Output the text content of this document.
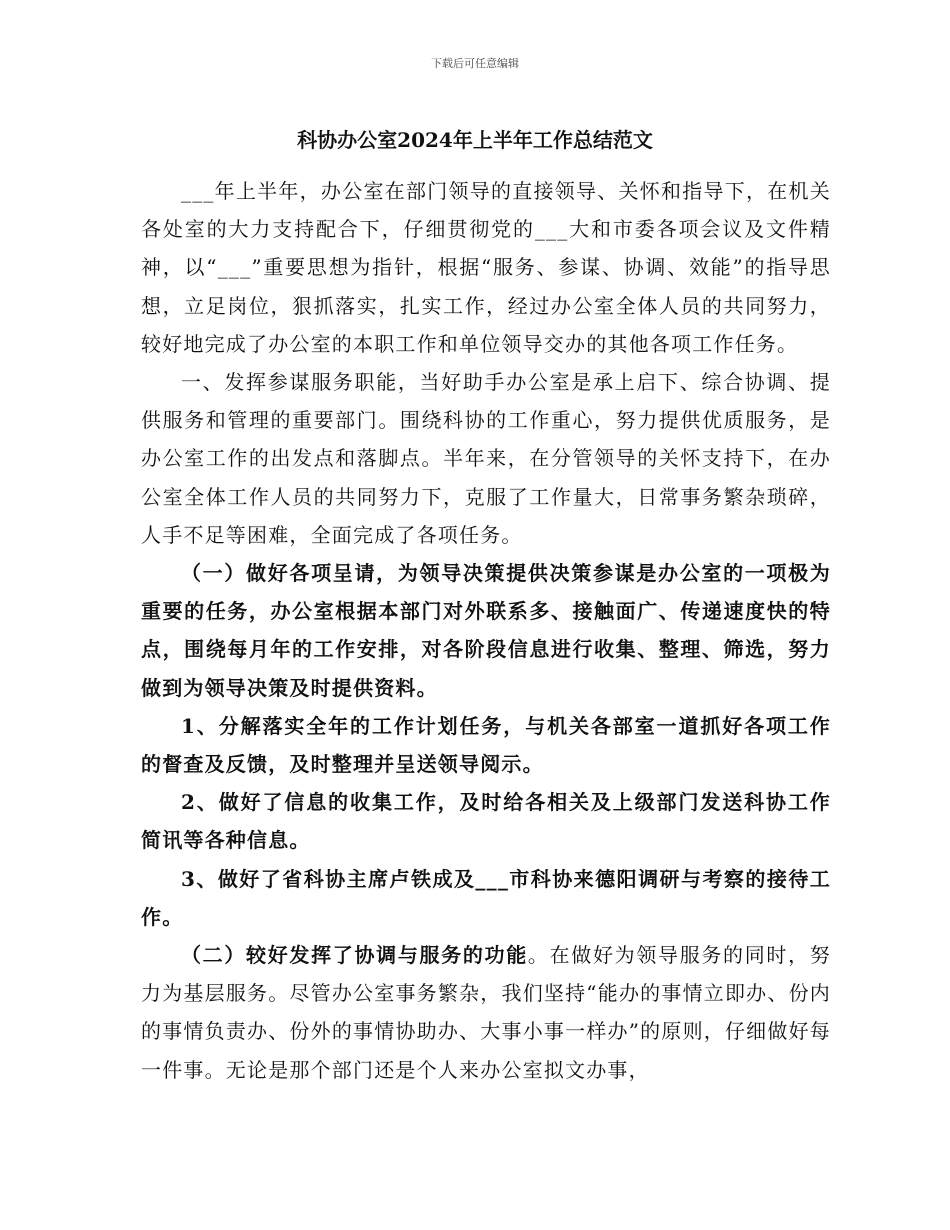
下载后可任意编辑
科协办公室2024年上半年工作总结范文

___年上半年，办公室在部门领导的直接领导、关怀和指导下，在机关各处室的大力支持配合下，仔细贯彻党的___大和市委各项会议及文件精神，以“___”重要思想为指针，根据“服务、参谋、协调、效能”的指导思想，立足岗位，狠抓落实，扎实工作，经过办公室全体人员的共同努力，较好地完成了办公室的本职工作和单位领导交办的其他各项工作任务。

一、发挥参谋服务职能，当好助手办公室是承上启下、综合协调、提供服务和管理的重要部门。围绕科协的工作重心，努力提供优质服务，是办公室工作的出发点和落脚点。半年来，在分管领导的关怀支持下，在办公室全体工作人员的共同努力下，克服了工作量大，日常事务繁杂琐碎，人手不足等困难，全面完成了各项任务。

（一）做好各项呈请，为领导决策提供决策参谋是办公室的一项极为重要的任务，办公室根据本部门对外联系多、接触面广、传递速度快的特点，围绕每月年的工作安排，对各阶段信息进行收集、整理、筛选，努力做到为领导决策及时提供资料。

1、分解落实全年的工作计划任务，与机关各部室一道抓好各项工作的督查及反馈，及时整理并呈送领导阅示。

2、做好了信息的收集工作，及时给各相关及上级部门发送科协工作简讯等各种信息。

3、做好了省科协主席卢铁成及___市科协来德阳调研与考察的接待工作。

（二）较好发挥了协调与服务的功能。在做好为领导服务的同时，努力为基层服务。尽管办公室事务繁杂，我们坚持“能办的事情立即办、份内的事情负责办、份外的事情协助办、大事小事一样办”的原则，仔细做好每一件事。无论是那个部门还是个人来办公室拟文办事，
